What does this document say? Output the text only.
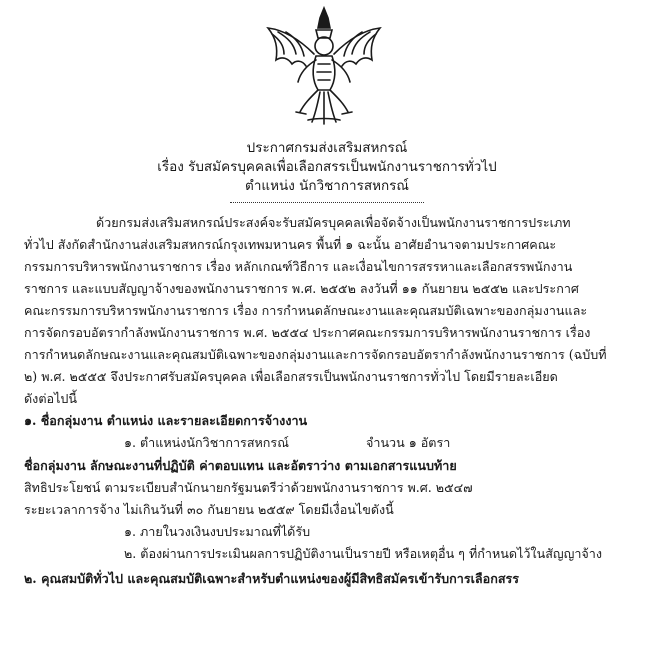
ประกาศกรมส่งเสริมสหกรณ์
เรื่อง รับสมัครบุคคลเพื่อเลือกสรรเป็นพนักงานราชการทั่วไป
ตำแหน่ง นักวิชาการสหกรณ์
ด้วยกรมส่งเสริมสหกรณ์ประสงค์จะรับสมัครบุคคลเพื่อจัดจ้างเป็นพนักงานราชการประเภท
ทั่วไป สังกัดสำนักงานส่งเสริมสหกรณ์กรุงเทพมหานคร พื้นที่ ๑ ฉะนั้น อาศัยอำนาจตามประกาศคณะ
กรรมการบริหารพนักงานราชการ เรื่อง หลักเกณฑ์วิธีการ และเงื่อนไขการสรรหาและเลือกสรรพนักงาน
ราชการ และแบบสัญญาจ้างของพนักงานราชการ พ.ศ. ๒๕๕๒ ลงวันที่ ๑๑ กันยายน ๒๕๕๒ และประกาศ
คณะกรรมการบริหารพนักงานราชการ เรื่อง การกำหนดลักษณะงานและคุณสมบัติเฉพาะของกลุ่มงานและ
การจัดกรอบอัตรากำลังพนักงานราชการ พ.ศ. ๒๕๕๔ ประกาศคณะกรรมการบริหารพนักงานราชการ เรื่อง
การกำหนดลักษณะงานและคุณสมบัติเฉพาะของกลุ่มงานและการจัดกรอบอัตรากำลังพนักงานราชการ (ฉบับที่
๒) พ.ศ. ๒๕๕๕ จึงประกาศรับสมัครบุคคล เพื่อเลือกสรรเป็นพนักงานราชการทั่วไป โดยมีรายละเอียด
ดังต่อไปนี้
๑. ชื่อกลุ่มงาน ตำแหน่ง และรายละเอียดการจ้างงาน
๑. ตำแหน่งนักวิชาการสหกรณ์	จำนวน ๑ อัตรา
ชื่อกลุ่มงาน ลักษณะงานที่ปฏิบัติ ค่าตอบแทน และอัตราว่าง ตามเอกสารแนบท้าย
สิทธิประโยชน์ ตามระเบียบสำนักนายกรัฐมนตรีว่าด้วยพนักงานราชการ พ.ศ. ๒๕๔๗
ระยะเวลาการจ้าง ไม่เกินวันที่ ๓๐ กันยายน ๒๕๕๙ โดยมีเงื่อนไขดังนี้
๑. ภายในวงเงินงบประมาณที่ได้รับ
๒. ต้องผ่านการประเมินผลการปฏิบัติงานเป็นรายปี หรือเหตุอื่น ๆ ที่กำหนดไว้ในสัญญาจ้าง
๒. คุณสมบัติทั่วไป และคุณสมบัติเฉพาะสำหรับตำแหน่งของผู้มีสิทธิสมัครเข้ารับการเลือกสรร
